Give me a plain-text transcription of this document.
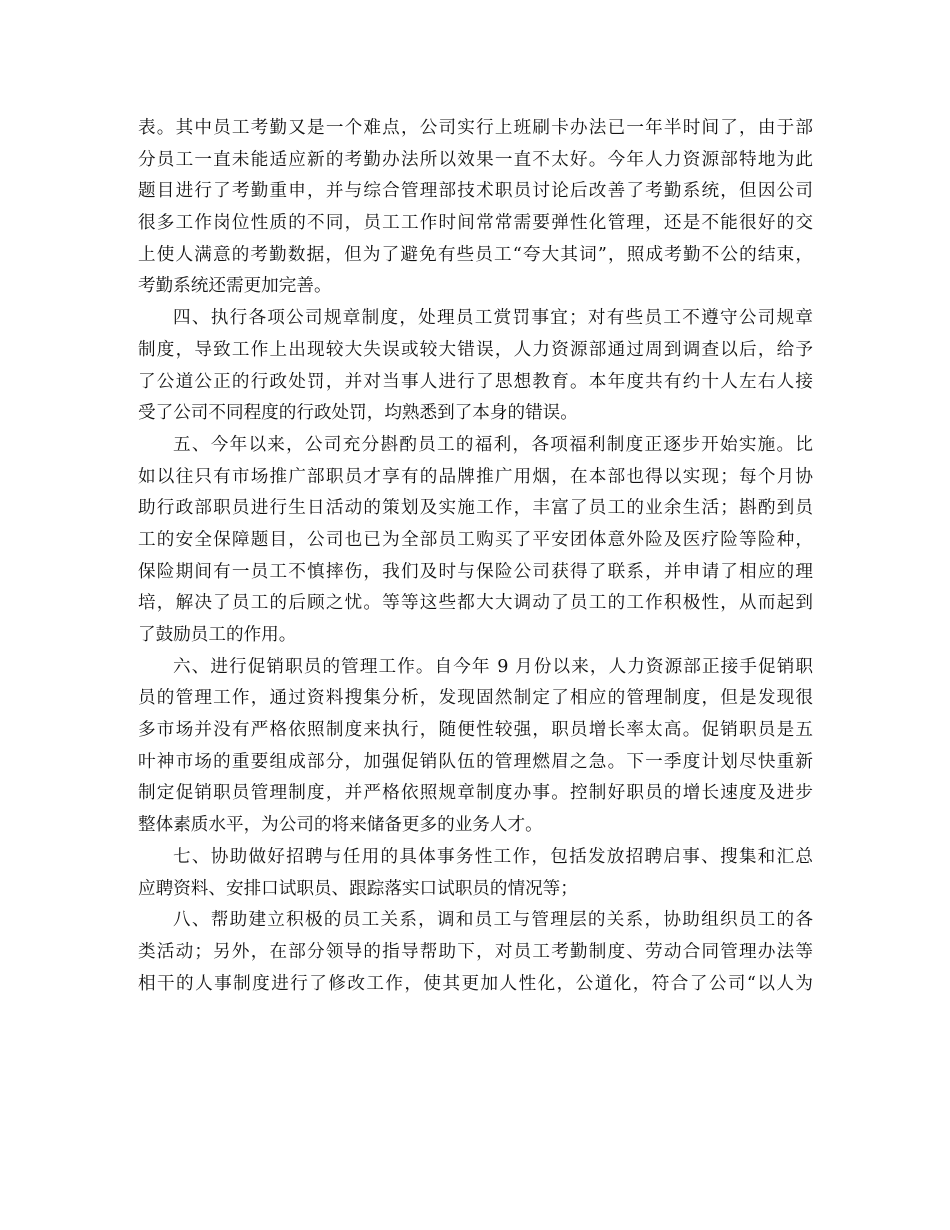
表。其中员工考勤又是一个难点，公司实行上班刷卡办法已一年半时间了，由于部
分员工一直未能适应新的考勤办法所以效果一直不太好。今年人力资源部特地为此
题目进行了考勤重申，并与综合管理部技术职员讨论后改善了考勤系统，但因公司
很多工作岗位性质的不同，员工工作时间常常需要弹性化管理，还是不能很好的交
上使人满意的考勤数据，但为了避免有些员工“夸大其词”，照成考勤不公的结束，
考勤系统还需更加完善。
四、执行各项公司规章制度，处理员工赏罚事宜；对有些员工不遵守公司规章
制度，导致工作上出现较大失误或较大错误，人力资源部通过周到调查以后，给予
了公道公正的行政处罚，并对当事人进行了思想教育。本年度共有约十人左右人接
受了公司不同程度的行政处罚，均熟悉到了本身的错误。
五、今年以来，公司充分斟酌员工的福利，各项福利制度正逐步开始实施。比
如以往只有市场推广部职员才享有的品牌推广用烟，在本部也得以实现；每个月协
助行政部职员进行生日活动的策划及实施工作，丰富了员工的业余生活；斟酌到员
工的安全保障题目，公司也已为全部员工购买了平安团体意外险及医疗险等险种，
保险期间有一员工不慎摔伤，我们及时与保险公司获得了联系，并申请了相应的理
培，解决了员工的后顾之忧。等等这些都大大调动了员工的工作积极性，从而起到
了鼓励员工的作用。
六、进行促销职员的管理工作。自今年 9 月份以来，人力资源部正接手促销职
员的管理工作，通过资料搜集分析，发现固然制定了相应的管理制度，但是发现很
多市场并没有严格依照制度来执行，随便性较强，职员增长率太高。促销职员是五
叶神市场的重要组成部分，加强促销队伍的管理燃眉之急。下一季度计划尽快重新
制定促销职员管理制度，并严格依照规章制度办事。控制好职员的增长速度及进步
整体素质水平，为公司的将来储备更多的业务人才。
七、协助做好招聘与任用的具体事务性工作，包括发放招聘启事、搜集和汇总
应聘资料、安排口试职员、跟踪落实口试职员的情况等；
八、帮助建立积极的员工关系，调和员工与管理层的关系，协助组织员工的各
类活动；另外，在部分领导的指导帮助下，对员工考勤制度、劳动合同管理办法等
相干的人事制度进行了修改工作，使其更加人性化，公道化，符合了公司“以人为
